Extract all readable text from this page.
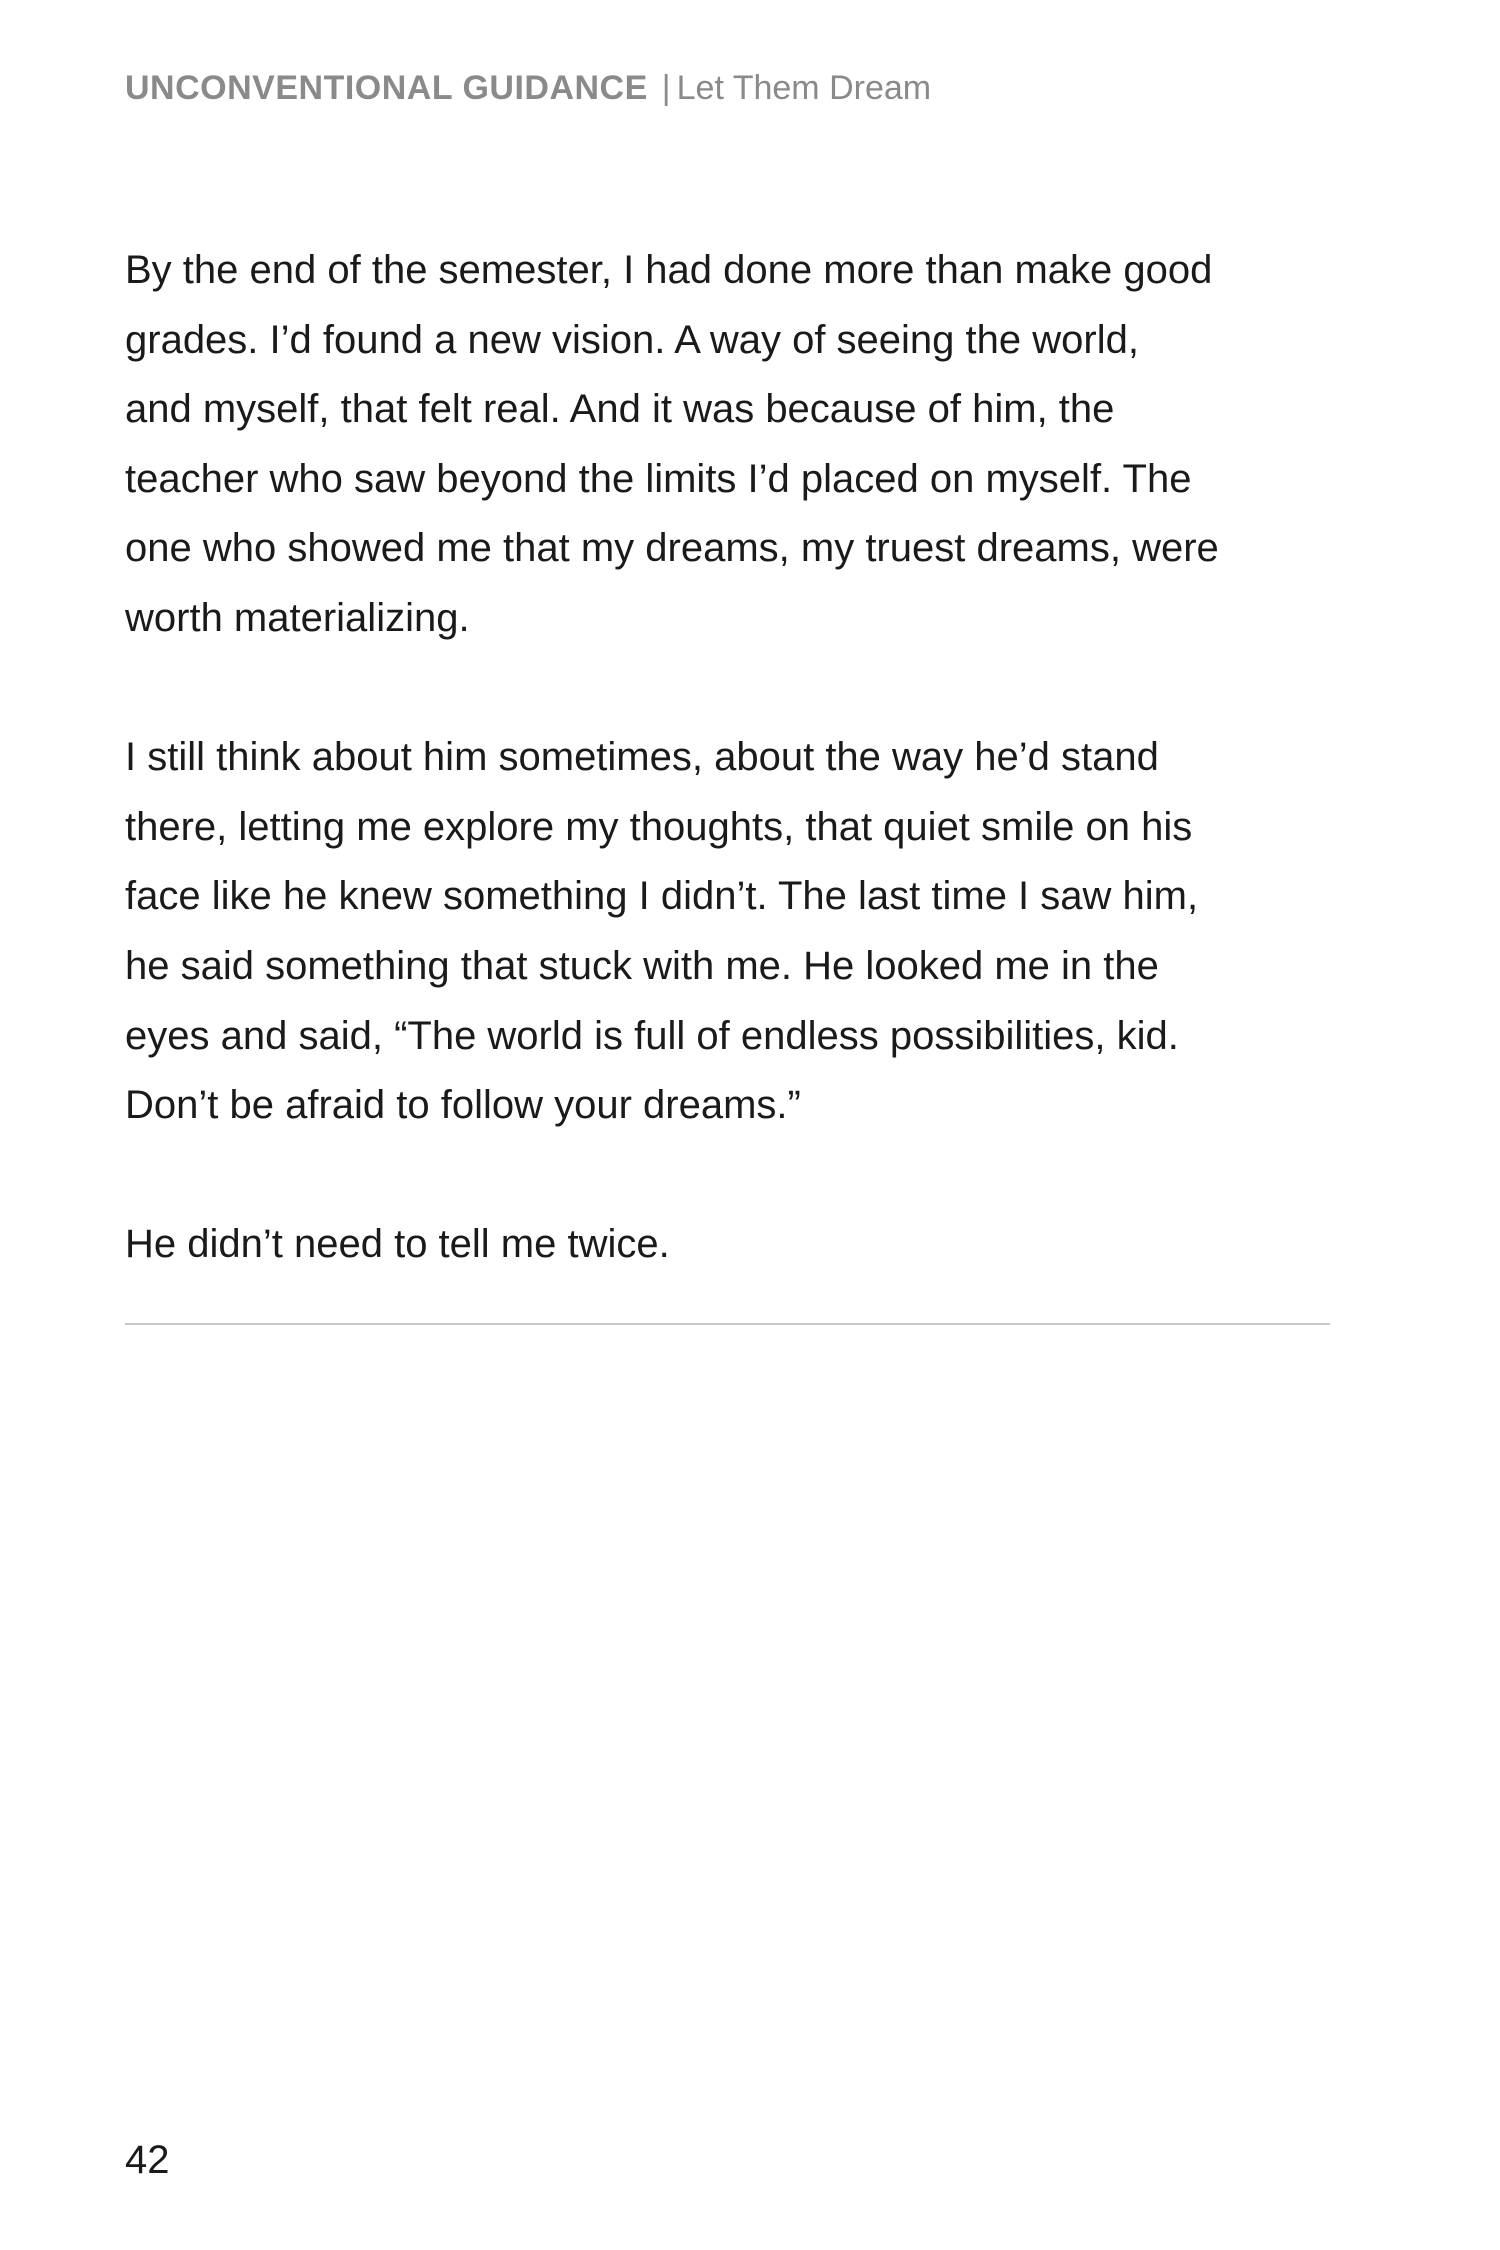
UNCONVENTIONAL GUIDANCE | Let Them Dream

By the end of the semester, I had done more than make good
grades. I’d found a new vision. A way of seeing the world,
and myself, that felt real. And it was because of him, the
teacher who saw beyond the limits I’d placed on myself. The
one who showed me that my dreams, my truest dreams, were
worth materializing.

I still think about him sometimes, about the way he’d stand
there, letting me explore my thoughts, that quiet smile on his
face like he knew something I didn’t. The last time I saw him,
he said something that stuck with me. He looked me in the
eyes and said, “The world is full of endless possibilities, kid.
Don’t be afraid to follow your dreams.”

He didn’t need to tell me twice.

42
